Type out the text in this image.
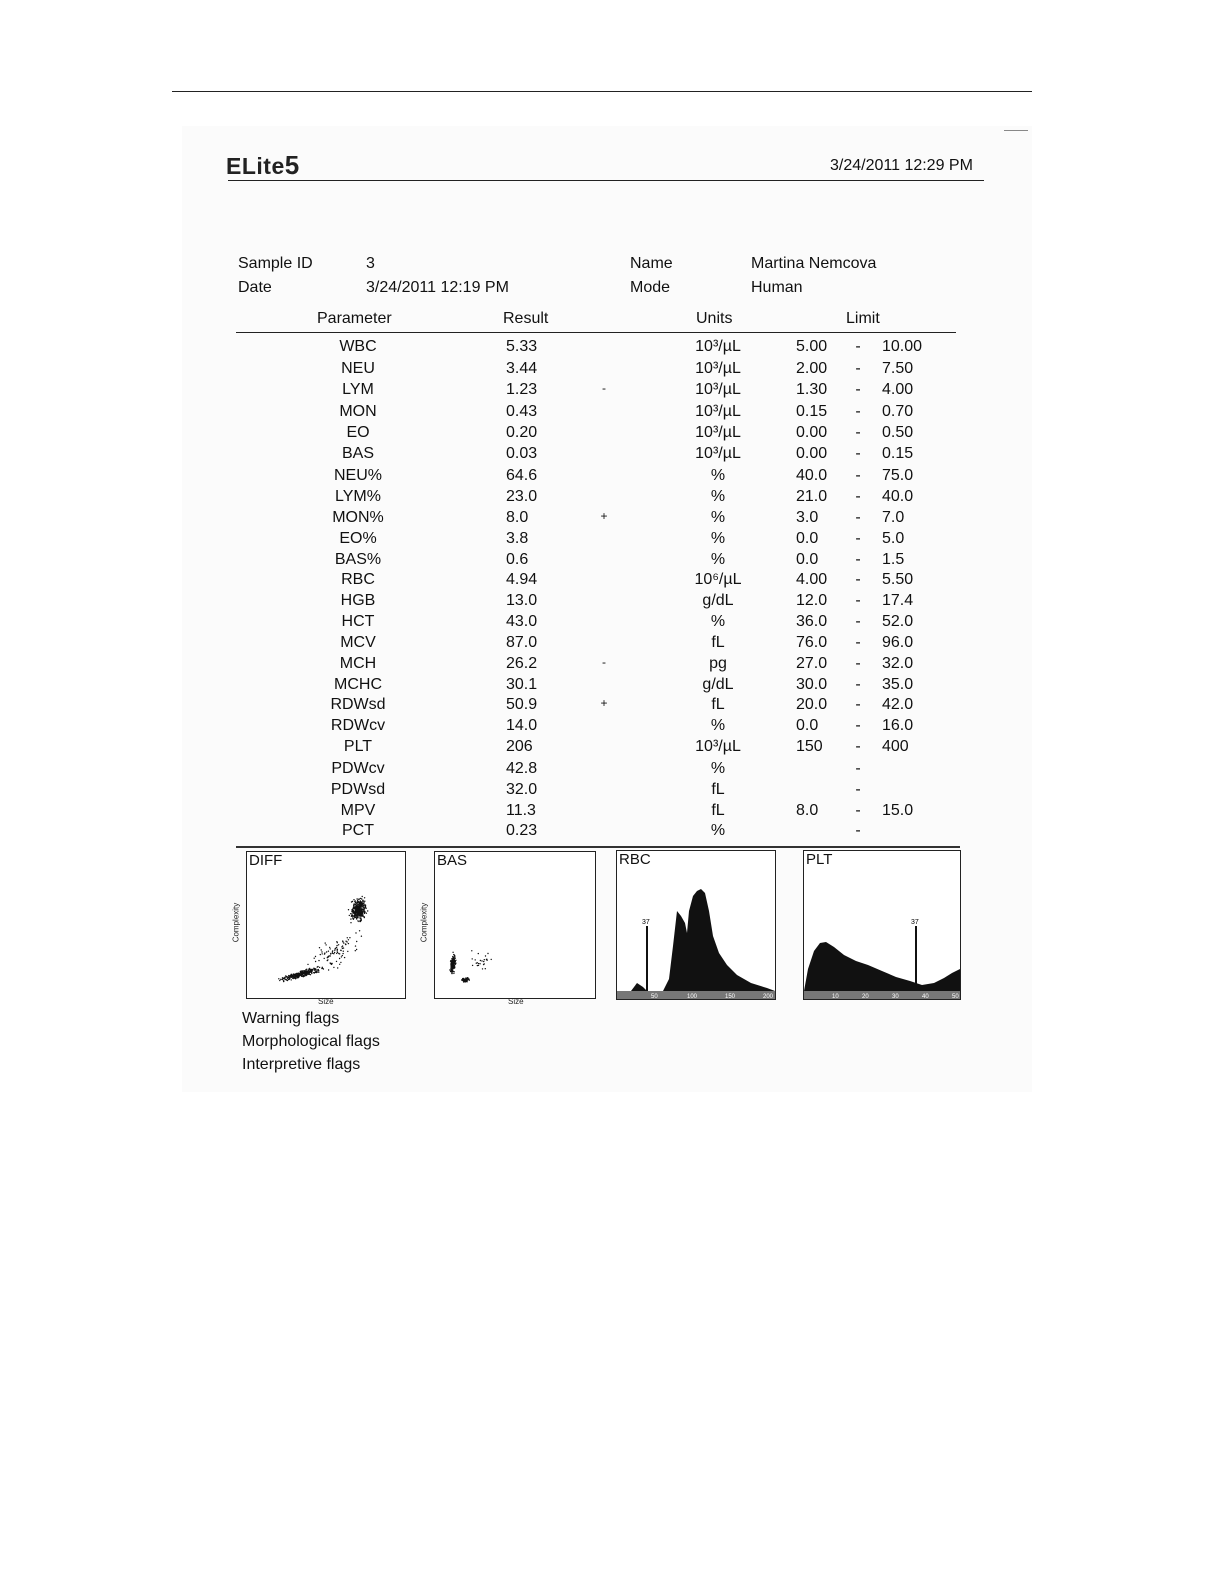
ELite5	3/24/2011 12:29 PM
Sample ID	3
Date	3/24/2011 12:19 PM
Name	Martina Nemcova
Mode	Human
Parameter	Result	Units	Limit
WBC	5.33	10³/µL	5.00 - 10.00
NEU	3.44	10³/µL	2.00 - 7.50
LYM	1.23	-	10³/µL	1.30 - 4.00
MON	0.43	10³/µL	0.15 - 0.70
EO	0.20	10³/µL	0.00 - 0.50
BAS	0.03	10³/µL	0.00 - 0.15
NEU%	64.6	%	40.0 - 75.0
LYM%	23.0	%	21.0 - 40.0
MON%	8.0	+	%	3.0 - 7.0
EO%	3.8	%	0.0 - 5.0
BAS%	0.6	%	0.0 - 1.5
RBC	4.94	10⁶/µL	4.00 - 5.50
HGB	13.0	g/dL	12.0 - 17.4
HCT	43.0	%	36.0 - 52.0
MCV	87.0	fL	76.0 - 96.0
MCH	26.2	-	pg	27.0 - 32.0
MCHC	30.1	g/dL	30.0 - 35.0
RDWsd	50.9	+	fL	20.0 - 42.0
RDWcv	14.0	%	0.0 - 16.0
PLT	206	10³/µL	150 - 400
PDWcv	42.8	%	-
PDWsd	32.0	fL	-
MPV	11.3	fL	8.0 - 15.0
PCT	0.23	%	-
DIFF
Complexity
Size
BAS
Complexity
Size
RBC
37
50	100	150	200
PLT
37
10	20	30	40	50
Warning flags
Morphological flags
Interpretive flags
